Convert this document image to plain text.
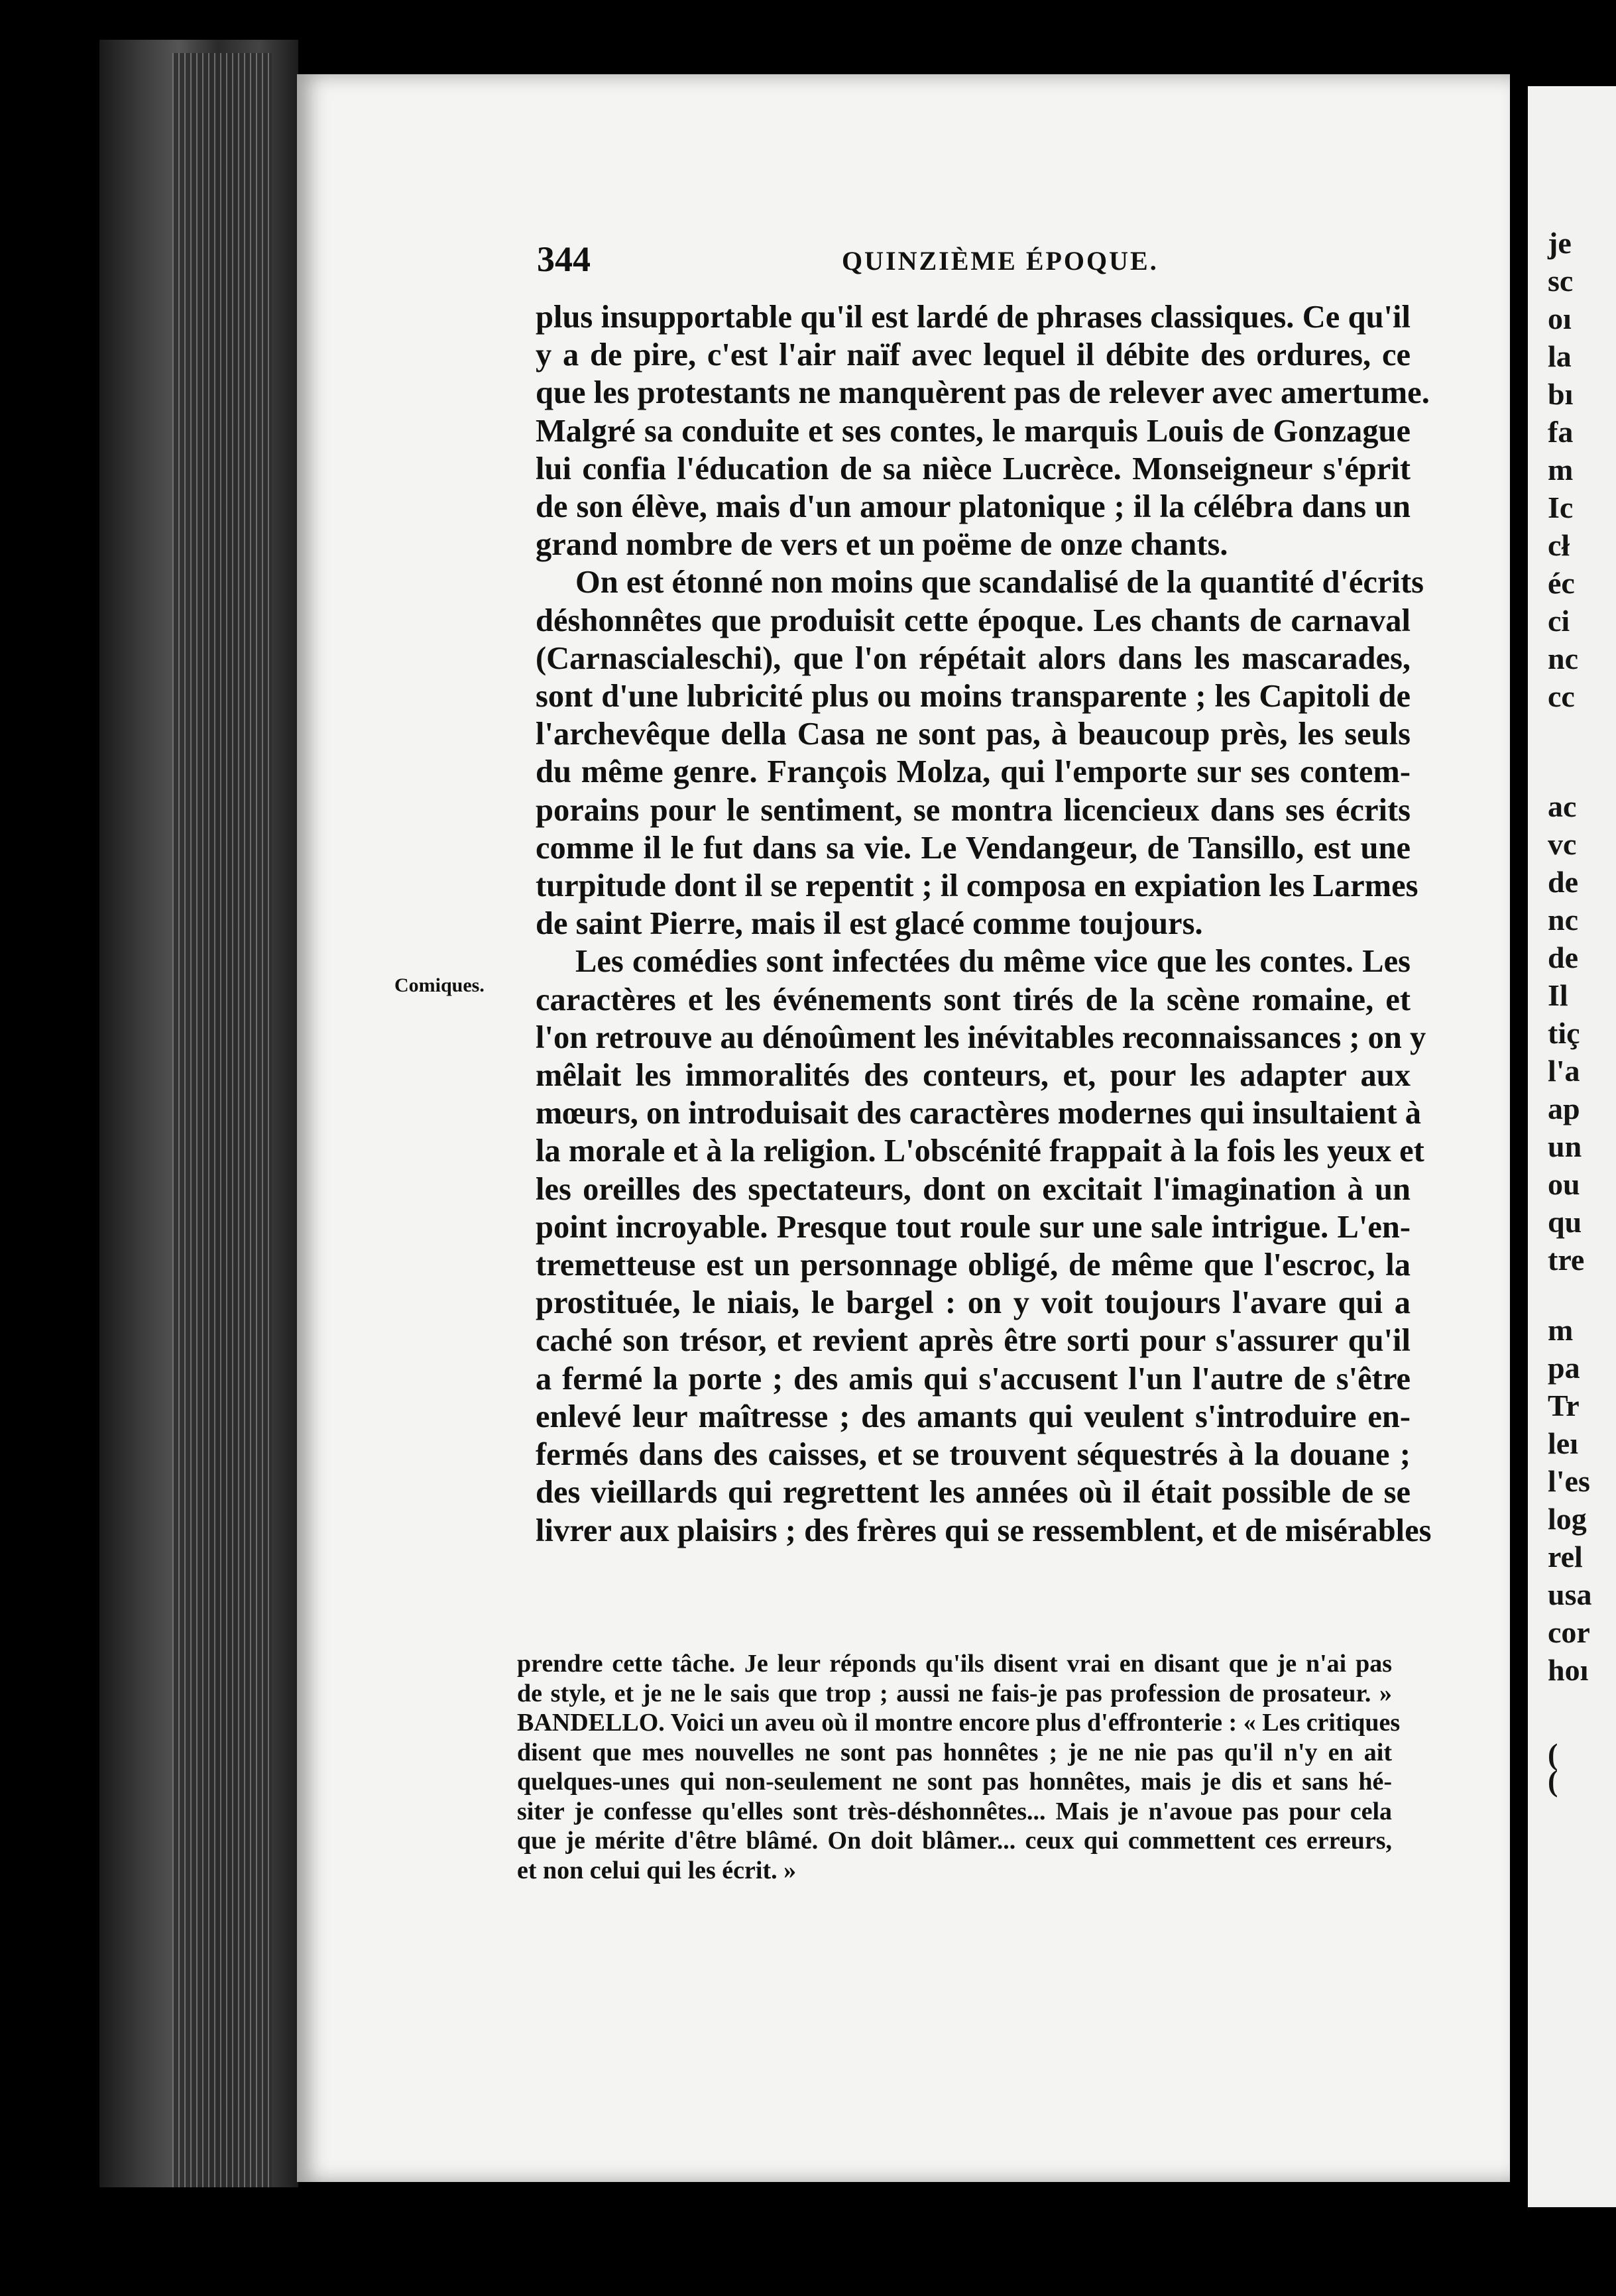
je
sc
oı
la
bı
fa
m
Ic
cł
éc
ci
nc
cc
ac
vc
de
nc
de
Il
tiç
l'a
ap
un
ou
qu
tre
m
pa
Tr
leı
l'es
log
rel
usa
cor
hoı
(
(
344	QUINZIÈME ÉPOQUE.
Comiques.
plus insupportable qu'il est lardé de phrases classiques. Ce qu'il
y a de pire, c'est l'air naïf avec lequel il débite des ordures, ce
que les protestants ne manquèrent pas de relever avec amertume.
Malgré sa conduite et ses contes, le marquis Louis de Gonzague
lui confia l'éducation de sa nièce Lucrèce. Monseigneur s'éprit
de son élève, mais d'un amour platonique ; il la célébra dans un
grand nombre de vers et un poëme de onze chants.
On est étonné non moins que scandalisé de la quantité d'écrits
déshonnêtes que produisit cette époque. Les chants de carnaval
(Carnascialeschi), que l'on répétait alors dans les mascarades,
sont d'une lubricité plus ou moins transparente ; les Capitoli de
l'archevêque della Casa ne sont pas, à beaucoup près, les seuls
du même genre. François Molza, qui l'emporte sur ses contem-
porains pour le sentiment, se montra licencieux dans ses écrits
comme il le fut dans sa vie. Le Vendangeur, de Tansillo, est une
turpitude dont il se repentit ; il composa en expiation les Larmes
de saint Pierre, mais il est glacé comme toujours.
Les comédies sont infectées du même vice que les contes. Les
caractères et les événements sont tirés de la scène romaine, et
l'on retrouve au dénoûment les inévitables reconnaissances ; on y
mêlait les immoralités des conteurs, et, pour les adapter aux
mœurs, on introduisait des caractères modernes qui insultaient à
la morale et à la religion. L'obscénité frappait à la fois les yeux et
les oreilles des spectateurs, dont on excitait l'imagination à un
point incroyable. Presque tout roule sur une sale intrigue. L'en-
tremetteuse est un personnage obligé, de même que l'escroc, la
prostituée, le niais, le bargel : on y voit toujours l'avare qui a
caché son trésor, et revient après être sorti pour s'assurer qu'il
a fermé la porte ; des amis qui s'accusent l'un l'autre de s'être
enlevé leur maîtresse ; des amants qui veulent s'introduire en-
fermés dans des caisses, et se trouvent séquestrés à la douane ;
des vieillards qui regrettent les années où il était possible de se
livrer aux plaisirs ; des frères qui se ressemblent, et de misérables
prendre cette tâche. Je leur réponds qu'ils disent vrai en disant que je n'ai pas
de style, et je ne le sais que trop ; aussi ne fais-je pas profession de prosateur. »
BANDELLO. Voici un aveu où il montre encore plus d'effronterie : « Les critiques
disent que mes nouvelles ne sont pas honnêtes ; je ne nie pas qu'il n'y en ait
quelques-unes qui non-seulement ne sont pas honnêtes, mais je dis et sans hé-
siter je confesse qu'elles sont très-déshonnêtes... Mais je n'avoue pas pour cela
que je mérite d'être blâmé. On doit blâmer... ceux qui commettent ces erreurs,
et non celui qui les écrit. »
